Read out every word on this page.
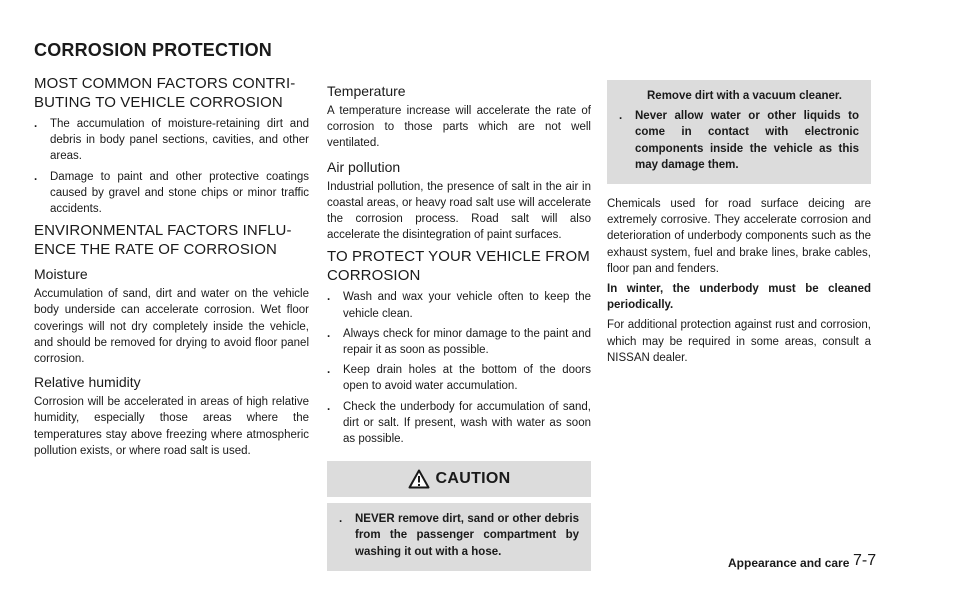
CORROSION PROTECTION
MOST COMMON FACTORS CONTRI-
BUTING TO VEHICLE CORROSION
. The accumulation of moisture-retaining dirt and debris in body panel sections, cavities, and other areas.
. Damage to paint and other protective coatings caused by gravel and stone chips or minor traffic accidents.
ENVIRONMENTAL FACTORS INFLU-
ENCE THE RATE OF CORROSION
Moisture

Accumulation of sand, dirt and water on the vehicle body underside can accelerate corrosion. Wet floor coverings will not dry completely inside the vehicle, and should be removed for drying to avoid floor panel corrosion.

Relative humidity

Corrosion will be accelerated in areas of high relative humidity, especially those areas where the temperatures stay above freezing where atmospheric pollution exists, or where road salt is used.

Temperature

A temperature increase will accelerate the rate of corrosion to those parts which are not well ventilated.

Air pollution

Industrial pollution, the presence of salt in the air in coastal areas, or heavy road salt use will accelerate the corrosion process. Road salt will also accelerate the disintegration of paint surfaces.

TO PROTECT YOUR VEHICLE FROM
CORROSION
. Wash and wax your vehicle often to keep the vehicle clean.
. Always check for minor damage to the paint and repair it as soon as possible.
. Keep drain holes at the bottom of the doors open to avoid water accumulation.
. Check the underbody for accumulation of sand, dirt or salt. If present, wash with water as soon as possible.
CAUTION
. NEVER remove dirt, sand or other debris from the passenger compartment by washing it out with a hose.
Remove dirt with a vacuum cleaner.
. Never allow water or other liquids to come in contact with electronic components inside the vehicle as this may damage them.

Chemicals used for road surface deicing are extremely corrosive. They accelerate corrosion and deterioration of underbody components such as the exhaust system, fuel and brake lines, brake cables, floor pan and fenders.

In winter, the underbody must be cleaned periodically.

For additional protection against rust and corrosion, which may be required in some areas, consult a NISSAN dealer.

Appearance and care 7-7
